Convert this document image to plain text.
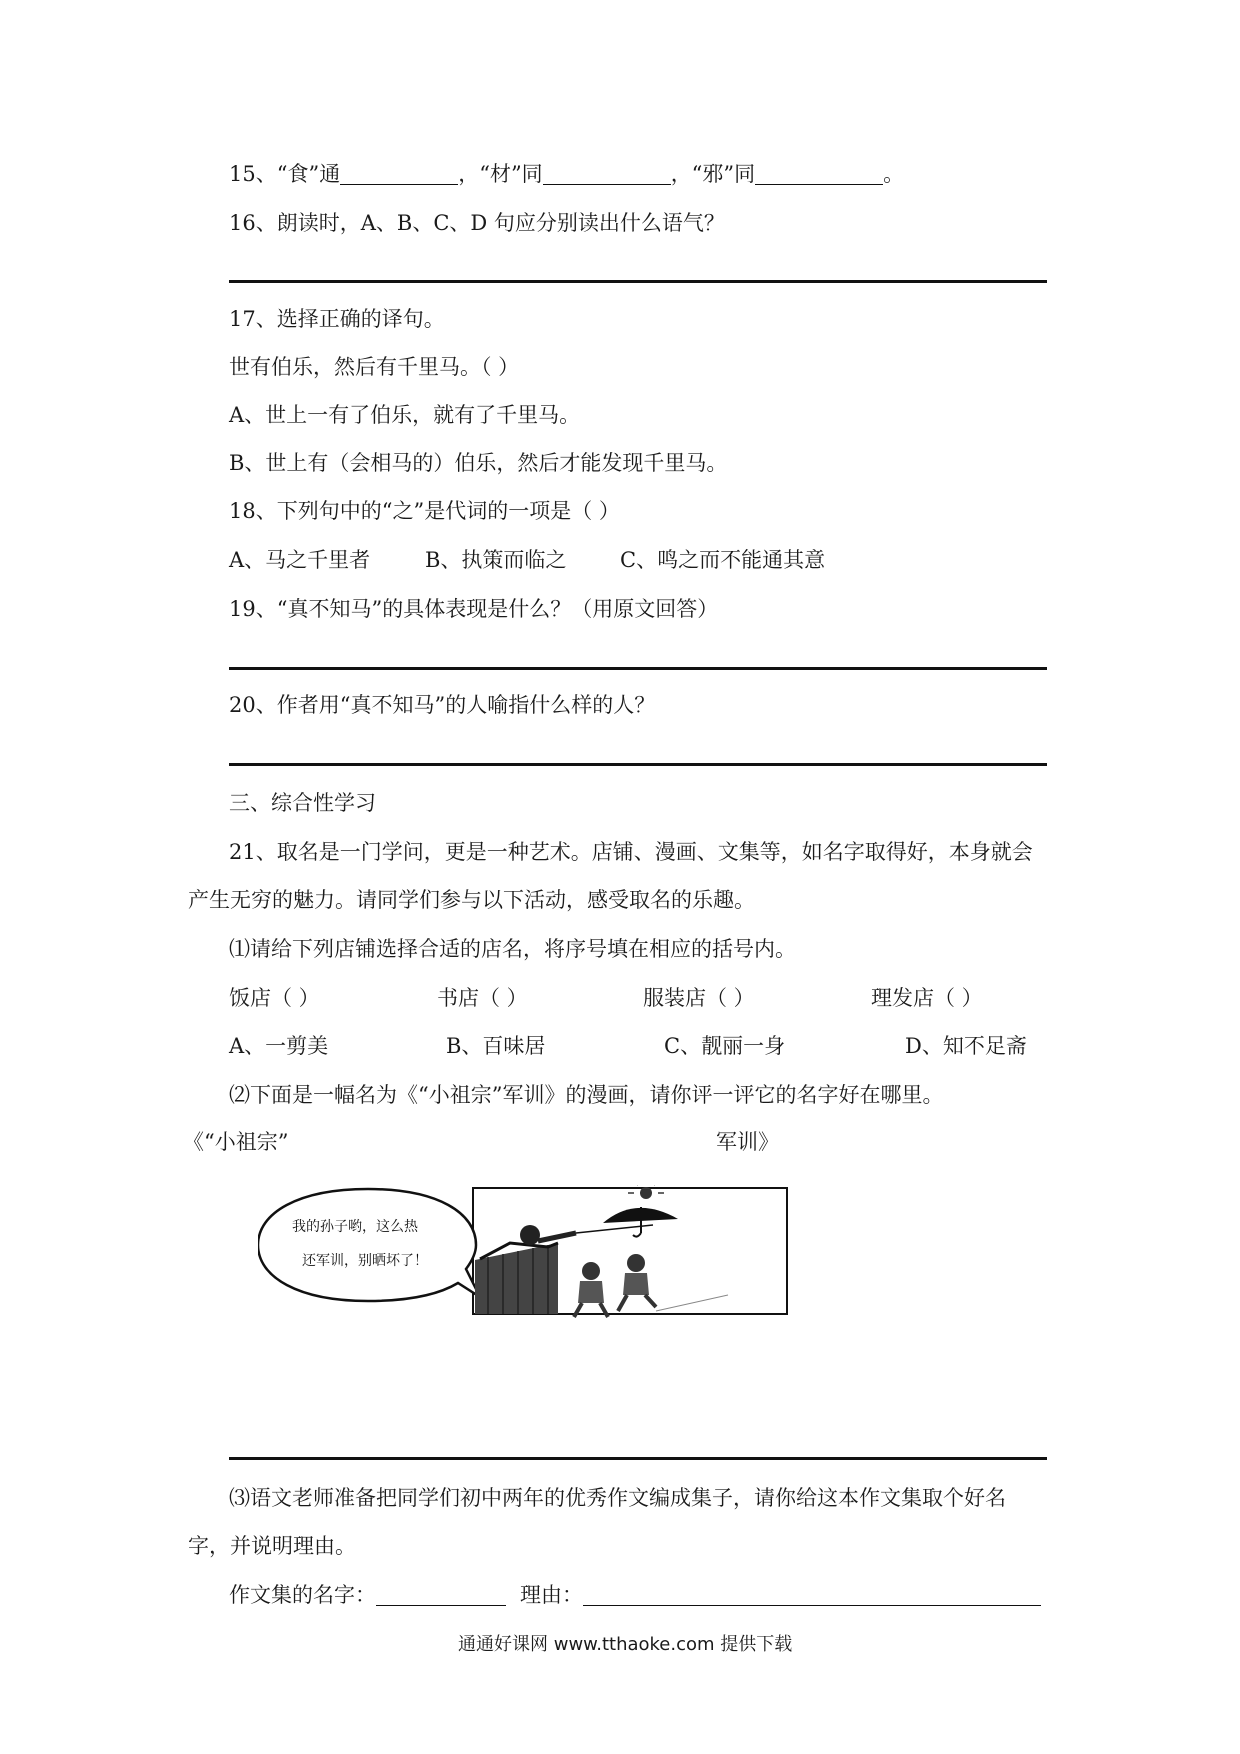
15、“食”通	，“材”同	，“邪”同	。
16、朗读时，A、B、C、D 句应分别读出什么语气？
17、选择正确的译句。
世有伯乐，然后有千里马。（ ）
A、世上一有了伯乐，就有了千里马。
B、世上有（会相马的）伯乐，然后才能发现千里马。
18、下列句中的“之”是代词的一项是（ ）
A、马之千里者	B、执策而临之	C、鸣之而不能通其意
19、“真不知马”的具体表现是什么？（用原文回答）
20、作者用“真不知马”的人喻指什么样的人？
三、综合性学习
21、取名是一门学问，更是一种艺术。店铺、漫画、文集等，如名字取得好，本身就会
产生无穷的魅力。请同学们参与以下活动，感受取名的乐趣。
⑴请给下列店铺选择合适的店名，将序号填在相应的括号内。
饭店（ ）	书店（ ）	服装店（ ）	理发店（ ）
A、一剪美	B、百味居	C、靓丽一身	D、知不足斋
⑵下面是一幅名为《“小祖宗”军训》的漫画，请你评一评它的名字好在哪里。
《“小祖宗”	军训》
我的孙子哟，这么热
还军训，别晒坏了！
⑶语文老师准备把同学们初中两年的优秀作文编成集子，请你给这本作文集取个好名
字，并说明理由。
作文集的名字：	理由：
通通好课网 www.tthaoke.com 提供下载
